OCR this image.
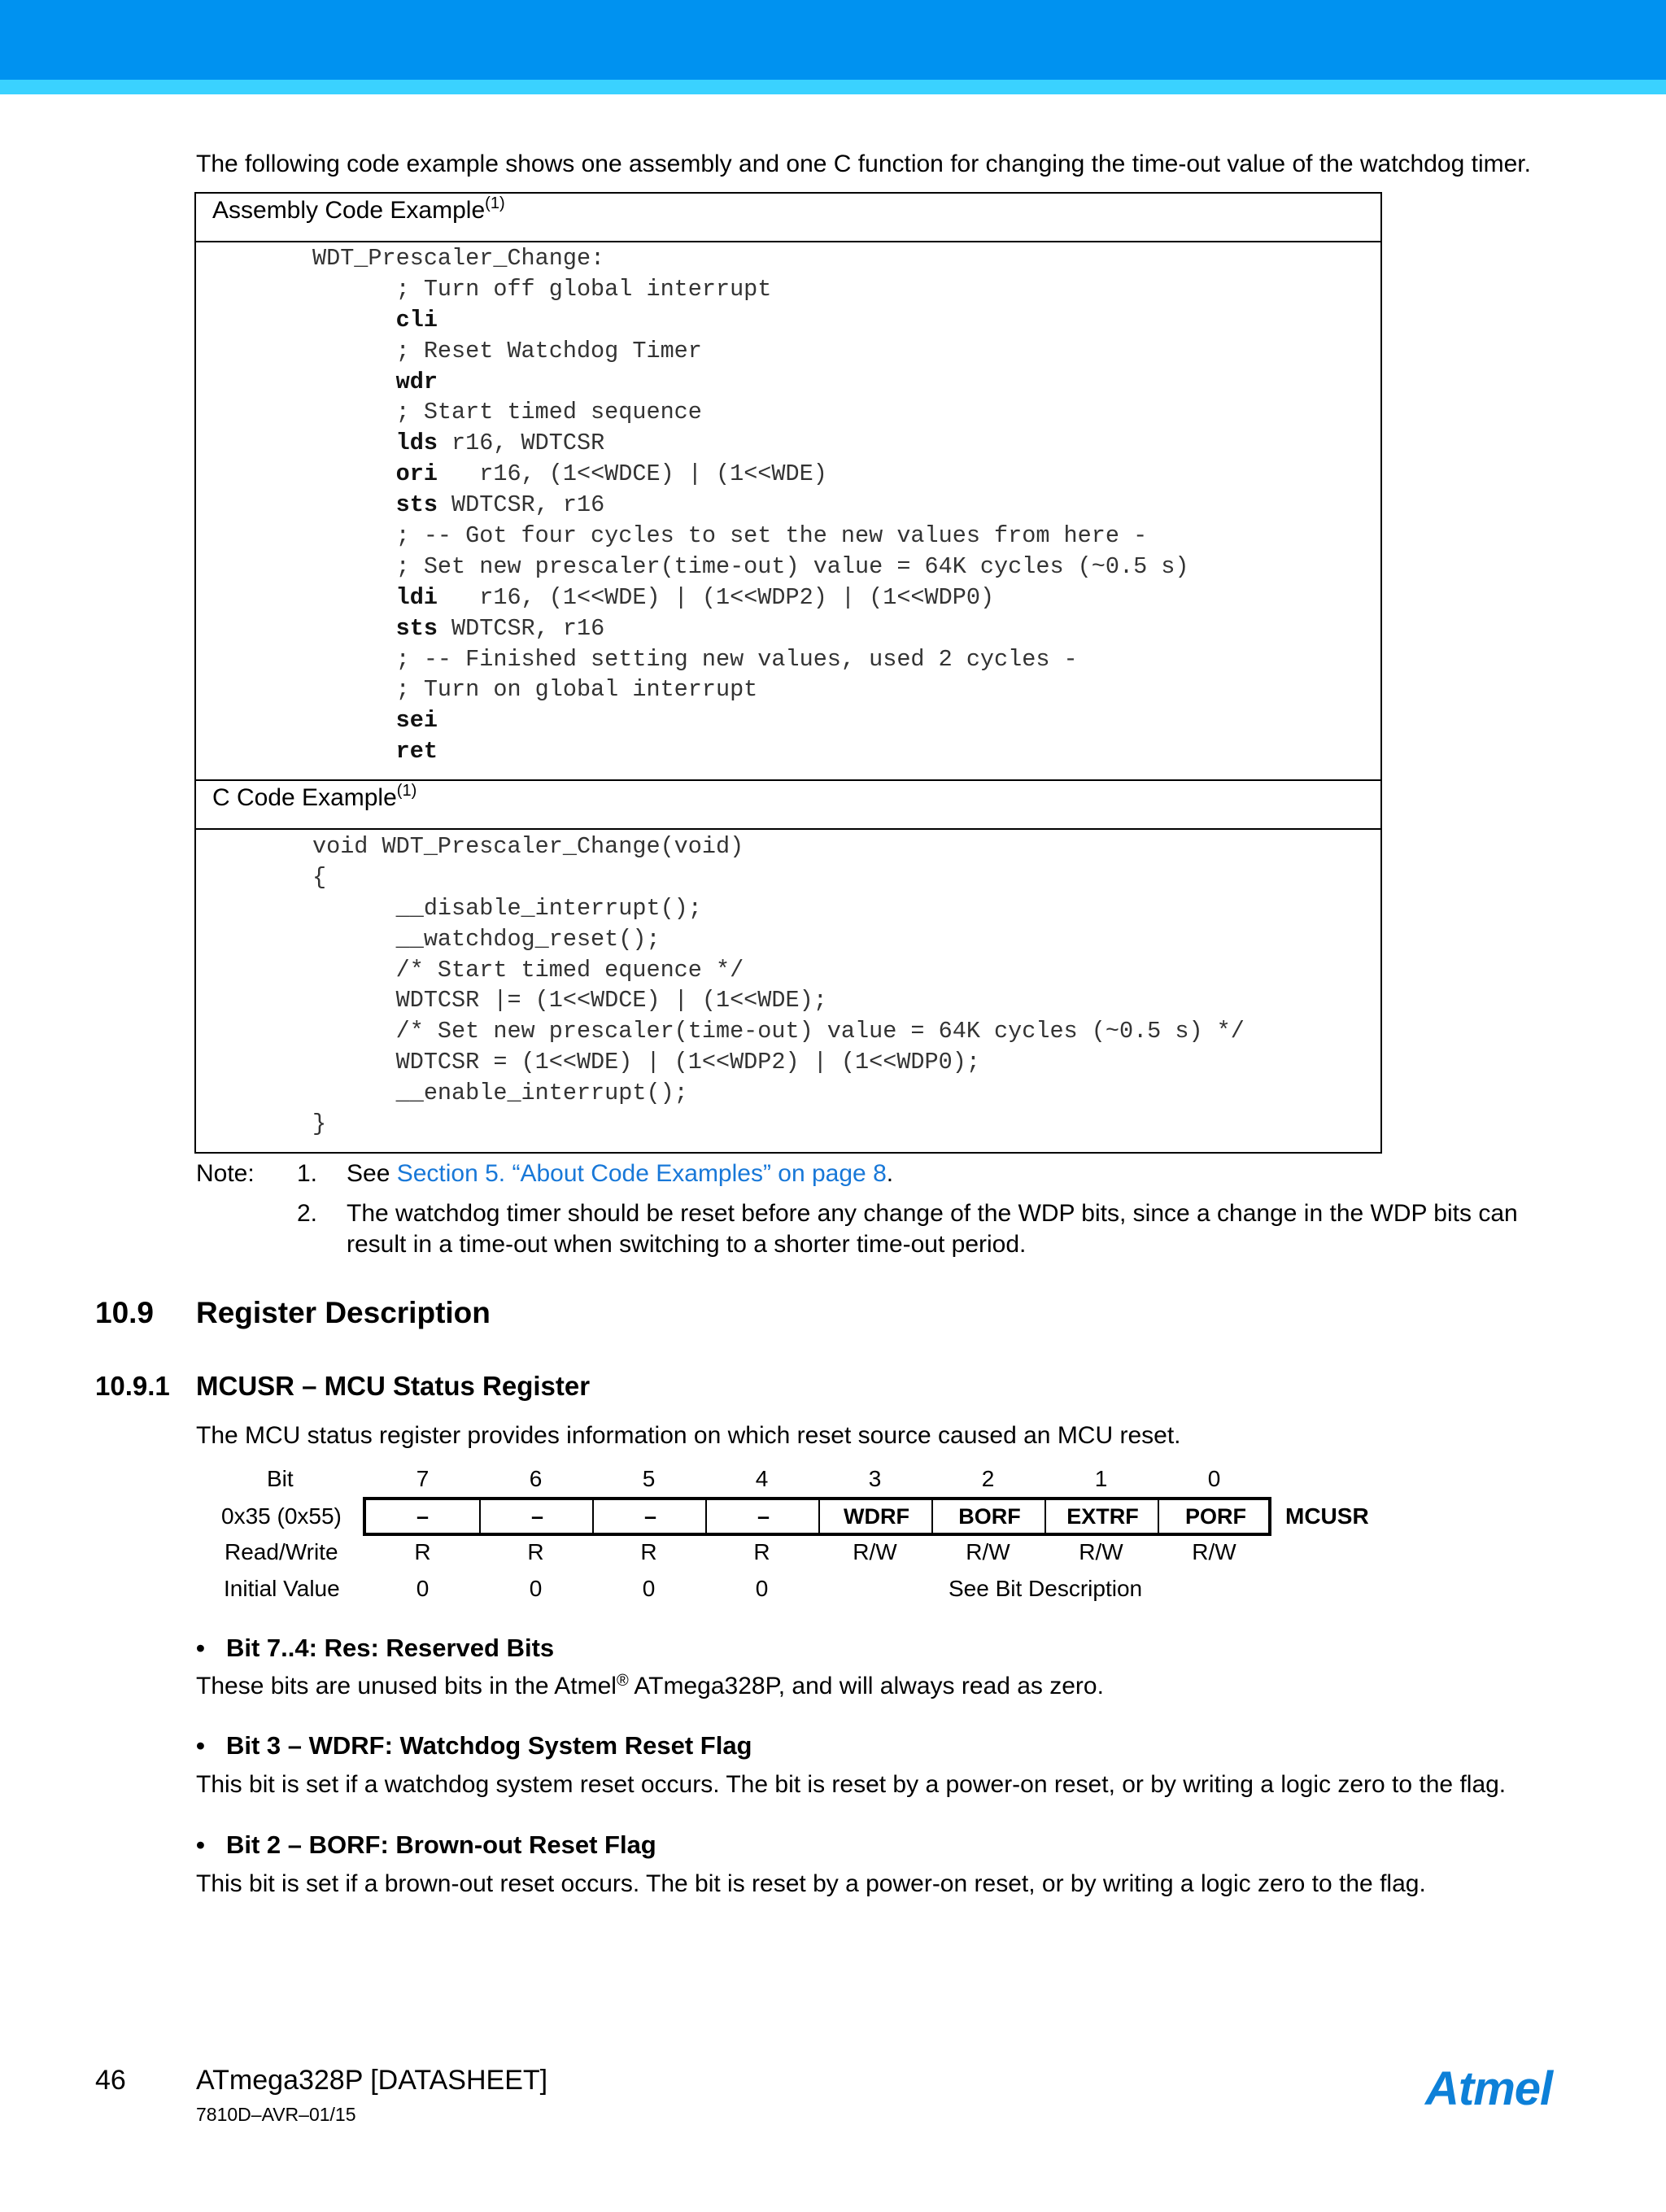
The following code example shows one assembly and one C function for changing the time-out value of the watchdog timer.
Assembly Code Example$^{(1)}$
WDT_Prescaler_Change:
; Turn off global interrupt
cli
; Reset Watchdog Timer
wdr
; Start timed sequence
lds r16, WDTCSR
ori   r16, (1<<WDCE) | (1<<WDE)
sts WDTCSR, r16
; -- Got four cycles to set the new values from here -
; Set new prescaler(time-out) value = 64K cycles (~0.5 s)
ldi   r16, (1<<WDE) | (1<<WDP2) | (1<<WDP0)
sts WDTCSR, r16
; -- Finished setting new values, used 2 cycles -
; Turn on global interrupt
sei
ret
C Code Example$^{(1)}$
void WDT_Prescaler_Change(void)
{
__disable_interrupt();
__watchdog_reset();
/* Start timed equence */
WDTCSR |= (1<<WDCE) | (1<<WDE);
/* Set new prescaler(time-out) value = 64K cycles (~0.5 s) */
WDTCSR = (1<<WDE) | (1<<WDP2) | (1<<WDP0);
__enable_interrupt();
}
Note: 1. See Section 5. “About Code Examples” on page 8.
2. The watchdog timer should be reset before any change of the WDP bits, since a change in the WDP bits can
result in a time-out when switching to a shorter time-out period.
10.9 Register Description
10.9.1 MCUSR – MCU Status Register
The MCU status register provides information on which reset source caused an MCU reset.
Bit	7	6	5	4	3	2	1	0
0x35 (0x55)	–	–	–	–	WDRF	BORF	EXTRF	PORF	MCUSR
Read/Write	R	R	R	R	R/W	R/W	R/W	R/W
Initial Value	0	0	0	0	See Bit Description
• Bit 7..4: Res: Reserved Bits
These bits are unused bits in the Atmel® ATmega328P, and will always read as zero.
• Bit 3 – WDRF: Watchdog System Reset Flag
This bit is set if a watchdog system reset occurs. The bit is reset by a power-on reset, or by writing a logic zero to the flag.
• Bit 2 – BORF: Brown-out Reset Flag
This bit is set if a brown-out reset occurs. The bit is reset by a power-on reset, or by writing a logic zero to the flag.
46	ATmega328P [DATASHEET]
7810D–AVR–01/15	Atmel
